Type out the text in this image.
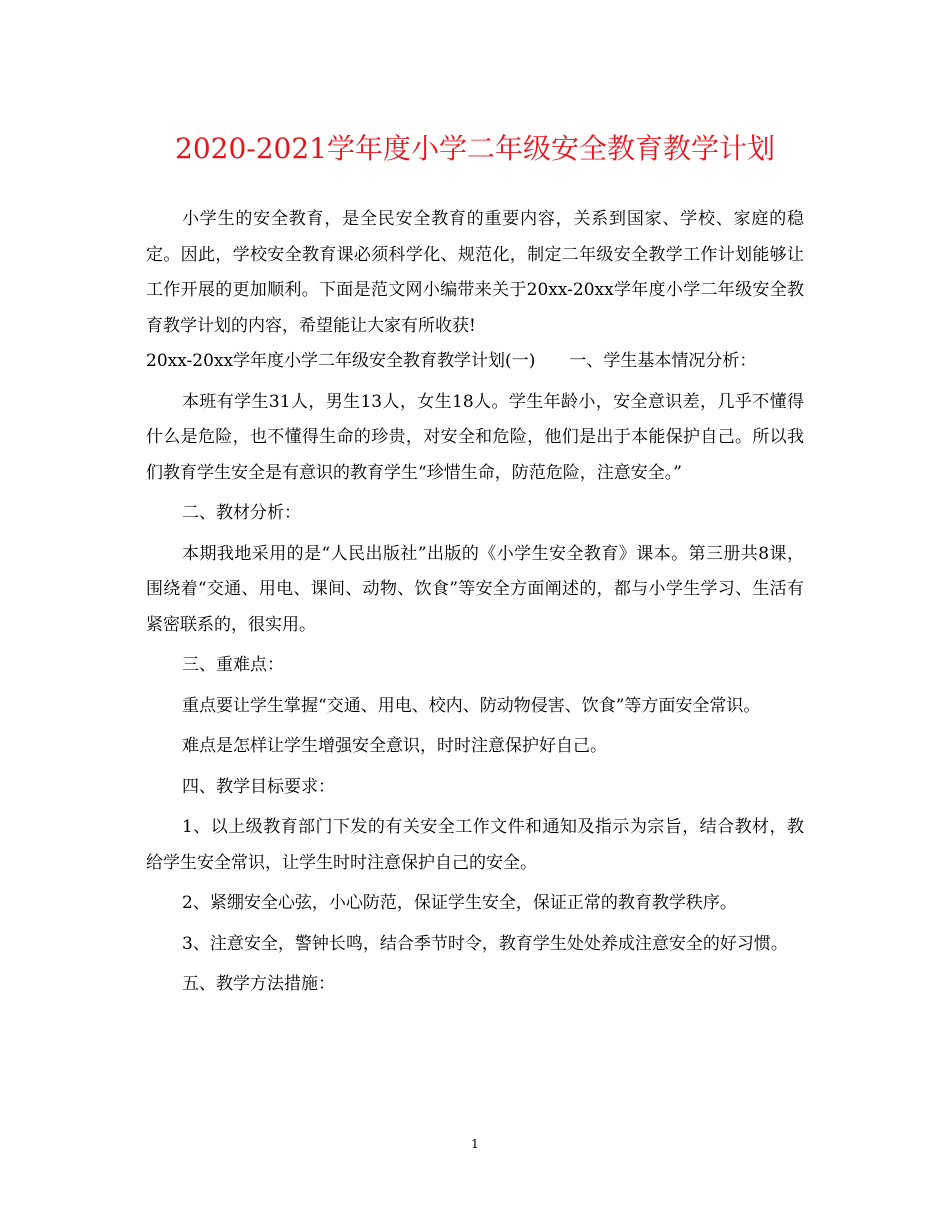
2020-2021学年度小学二年级安全教育教学计划

小学生的安全教育，是全民安全教育的重要内容，关系到国家、学校、家庭的稳定。因此，学校安全教育课必须科学化、规范化，制定二年级安全教学工作计划能够让工作开展的更加顺利。下面是范文网小编带来关于20xx-20xx学年度小学二年级安全教育教学计划的内容，希望能让大家有所收获!

20xx-20xx学年度小学二年级安全教育教学计划(一)　　一、学生基本情况分析：

本班有学生31人，男生13人，女生18人。学生年龄小，安全意识差，几乎不懂得什么是危险，也不懂得生命的珍贵，对安全和危险，他们是出于本能保护自己。所以我们教育学生安全是有意识的教育学生“珍惜生命，防范危险，注意安全。”

二、教材分析：

本期我地采用的是“人民出版社”出版的《小学生安全教育》课本。第三册共8课，围绕着“交通、用电、课间、动物、饮食”等安全方面阐述的，都与小学生学习、生活有紧密联系的，很实用。

三、重难点：

重点要让学生掌握“交通、用电、校内、防动物侵害、饮食”等方面安全常识。

难点是怎样让学生增强安全意识，时时注意保护好自己。

四、教学目标要求：

1、以上级教育部门下发的有关安全工作文件和通知及指示为宗旨，结合教材，教给学生安全常识，让学生时时注意保护自己的安全。

2、紧绷安全心弦，小心防范，保证学生安全，保证正常的教育教学秩序。

3、注意安全，警钟长鸣，结合季节时令，教育学生处处养成注意安全的好习惯。

五、教学方法措施：

1
